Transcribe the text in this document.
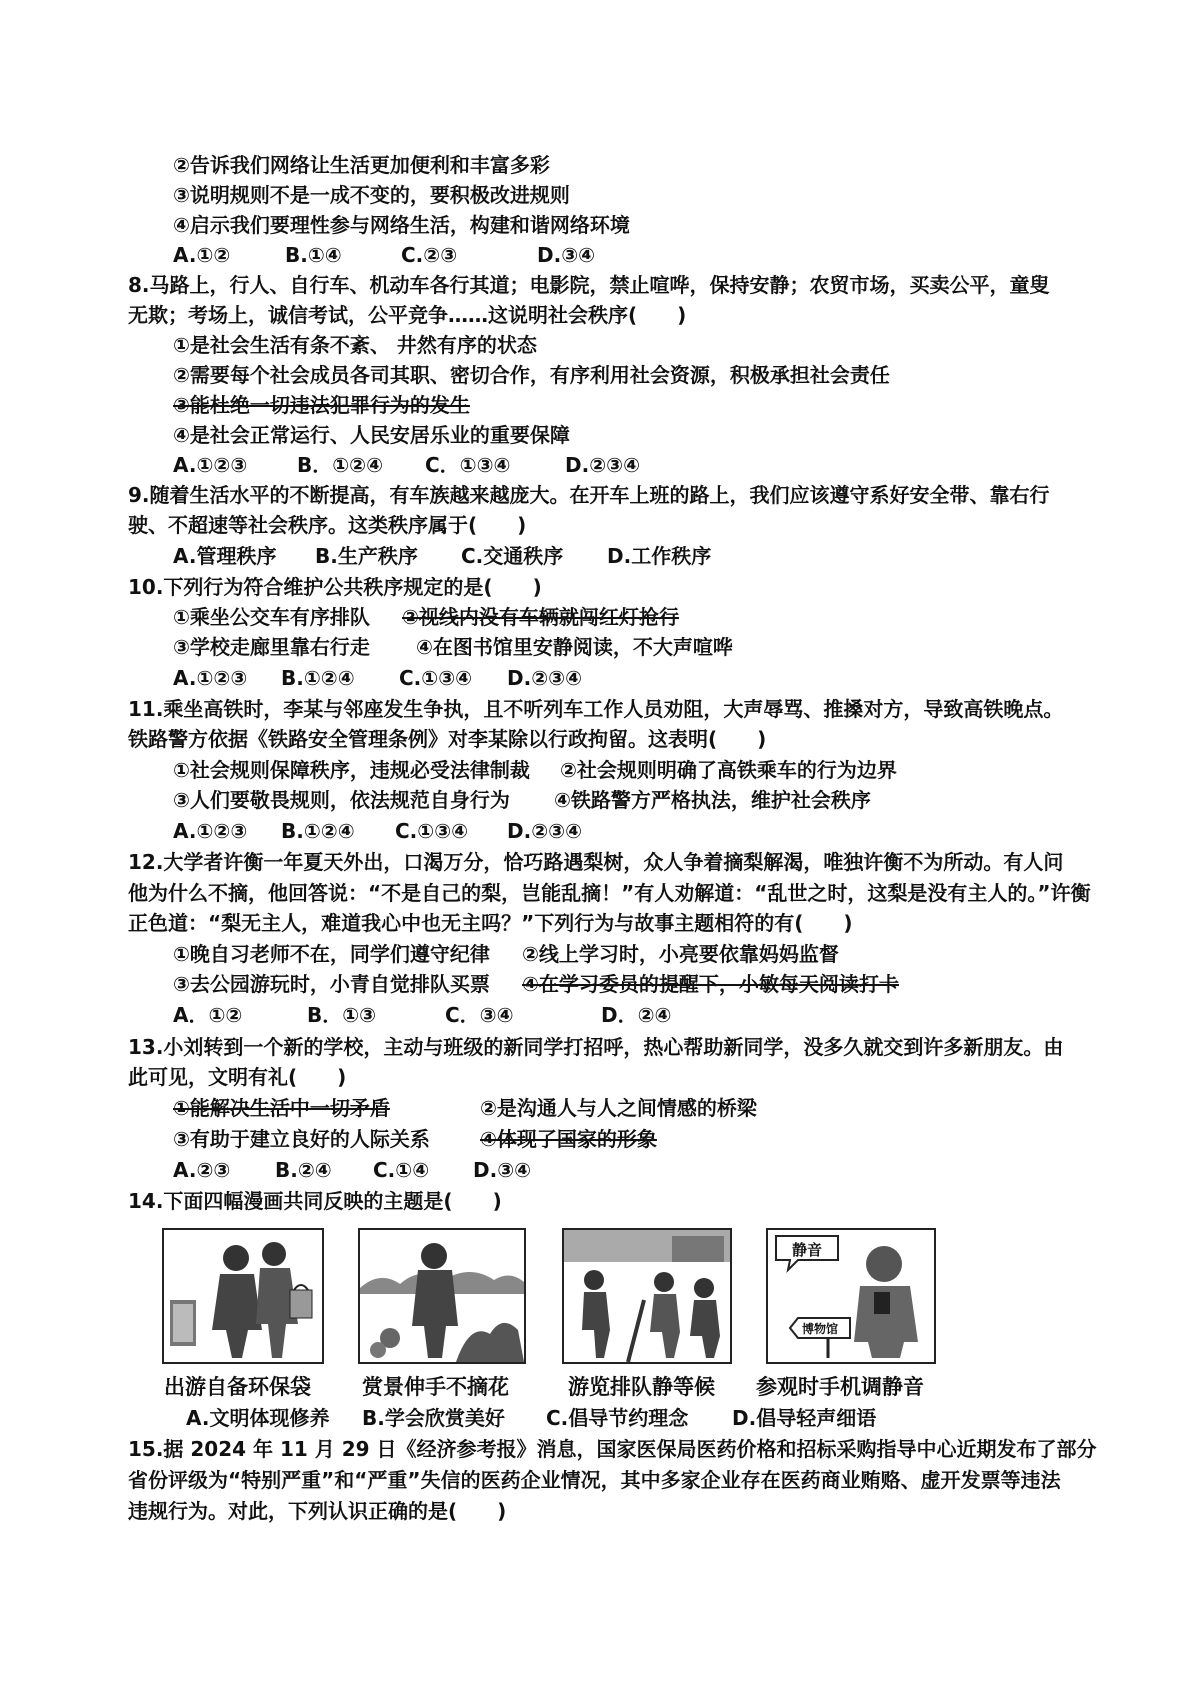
②告诉我们网络让生活更加便利和丰富多彩
③说明规则不是一成不变的，要积极改进规则
④启示我们要理性参与网络生活，构建和谐网络环境
A.①②	B.①④	C.②③	D.③④
8.马路上，行人、自行车、机动车各行其道；电影院，禁止喧哗，保持安静；农贸市场，买卖公平，童叟
无欺；考场上，诚信考试，公平竞争……这说明社会秩序(　　)
①是社会生活有条不紊、 井然有序的状态
②需要每个社会成员各司其职、密切合作，有序利用社会资源，积极承担社会责任
③能杜绝一切违法犯罪行为的发生
④是社会正常运行、人民安居乐业的重要保障
A.①②③ B．①②④ C．①③④	D.②③④
9.随着生活水平的不断提高，有车族越来越庞大。在开车上班的路上，我们应该遵守系好安全带、靠右行
驶、不超速等社会秩序。这类秩序属于(　　)
A.管理秩序 B.生产秩序 C.交通秩序 D.工作秩序
10.下列行为符合维护公共秩序规定的是(　　)
①乘坐公交车有序排队 ②视线内没有车辆就闯红灯抢行
③学校走廊里靠右行走 ④在图书馆里安静阅读，不大声喧哗
A.①②③ B.①②④ C.①③④ D.②③④
11.乘坐高铁时，李某与邻座发生争执，且不听列车工作人员劝阻，大声辱骂、推搡对方，导致高铁晚点。
铁路警方依据《铁路安全管理条例》对李某除以行政拘留。这表明(　　)
①社会规则保障秩序，违规必受法律制裁 ②社会规则明确了高铁乘车的行为边界
③人们要敬畏规则，依法规范自身行为 ④铁路警方严格执法，维护社会秩序
A.①②③ B.①②④ C.①③④ D.②③④
12.大学者许衡一年夏天外出，口渴万分，恰巧路遇梨树，众人争着摘梨解渴，唯独许衡不为所动。有人问
他为什么不摘，他回答说：“不是自己的梨，岂能乱摘！”有人劝解道：“乱世之时，这梨是没有主人的。”许衡
正色道：“梨无主人，难道我心中也无主吗？”下列行为与故事主题相符的有(　　)
①晚自习老师不在，同学们遵守纪律 ②线上学习时，小亮要依靠妈妈监督
③去公园游玩时，小青自觉排队买票 ④在学习委员的提醒下，小敏每天阅读打卡
A．①②	B．①③	C．③④	D．②④
13.小刘转到一个新的学校，主动与班级的新同学打招呼，热心帮助新同学，没多久就交到许多新朋友。由
此可见，文明有礼(　　)
①能解决生活中一切矛盾	②是沟通人与人之间情感的桥梁
③有助于建立良好的人际关系	④体现了国家的形象
A.②③ B.②④ C.①④ D.③④
14.下面四幅漫画共同反映的主题是(　　)
静音
博物馆
出游自备环保袋 赏景伸手不摘花	游览排队静等候 参观时手机调静音
A.文明体现修养 B.学会欣赏美好 C.倡导节约理念 D.倡导轻声细语
15.据 2024 年 11 月 29 日《经济参考报》消息，国家医保局医药价格和招标采购指导中心近期发布了部分
省份评级为“特别严重”和“严重”失信的医药企业情况，其中多家企业存在医药商业贿赂、虚开发票等违法
违规行为。对此，下列认识正确的是(　　)
